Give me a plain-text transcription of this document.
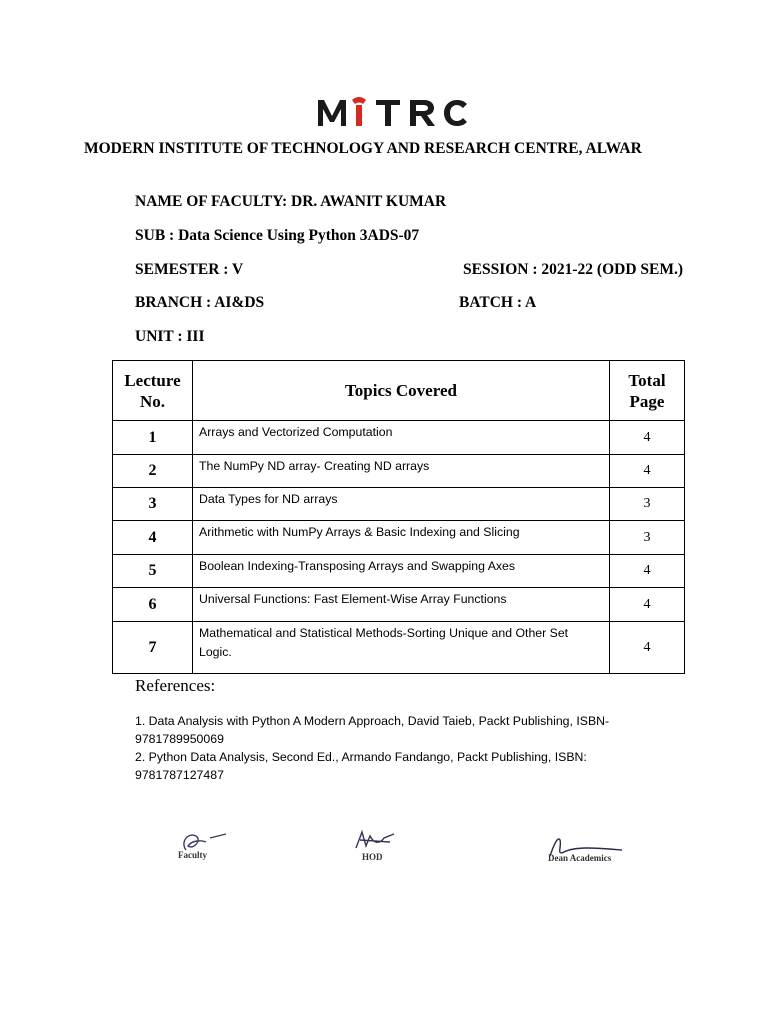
MODERN INSTITUTE OF TECHNOLOGY AND RESEARCH CENTRE, ALWAR
NAME OF FACULTY: DR. AWANIT KUMAR
SUB : Data Science Using Python 3ADS-07
SEMESTER : V	SESSION : 2021-22 (ODD SEM.)
BRANCH : AI&DS	BATCH : A
UNIT : III
Lecture No.	Topics Covered	Total Page
1	Arrays and Vectorized Computation	4
2	The NumPy ND array- Creating ND arrays	4
3	Data Types for ND arrays	3
4	Arithmetic with NumPy Arrays & Basic Indexing and Slicing	3
5	Boolean Indexing-Transposing Arrays and Swapping Axes	4
6	Universal Functions: Fast Element-Wise Array Functions	4
7	Mathematical and Statistical Methods-Sorting Unique and Other Set Logic.	4
References:
1. Data Analysis with Python A Modern Approach, David Taieb, Packt Publishing, ISBN-9781789950069
2. Python Data Analysis, Second Ed., Armando Fandango, Packt Publishing, ISBN: 9781787127487
Faculty	HOD	Dean Academics
